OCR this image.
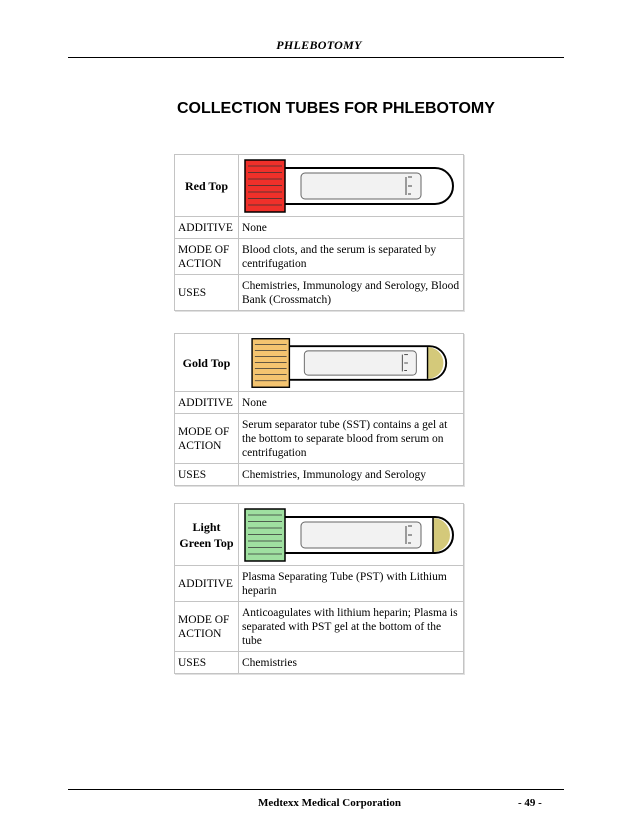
PHLEBOTOMY
COLLECTION TUBES FOR PHLEBOTOMY
Red Top	

ADDITIVE	None
MODE OF ACTION	Blood clots, and the serum is separated by centrifugation
USES	Chemistries, Immunology and Serology, Blood Bank (Crossmatch)
Gold Top	

ADDITIVE	None
MODE OF ACTION	Serum separator tube (SST) contains a gel at the bottom to separate blood from serum on centrifugation
USES	Chemistries, Immunology and Serology
Light Green Top	

ADDITIVE	Plasma Separating Tube (PST) with Lithium heparin
MODE OF ACTION	Anticoagulates with lithium heparin; Plasma is separated with PST gel at the bottom of the tube
USES	Chemistries
Medtexx Medical Corporation	- 49 -
